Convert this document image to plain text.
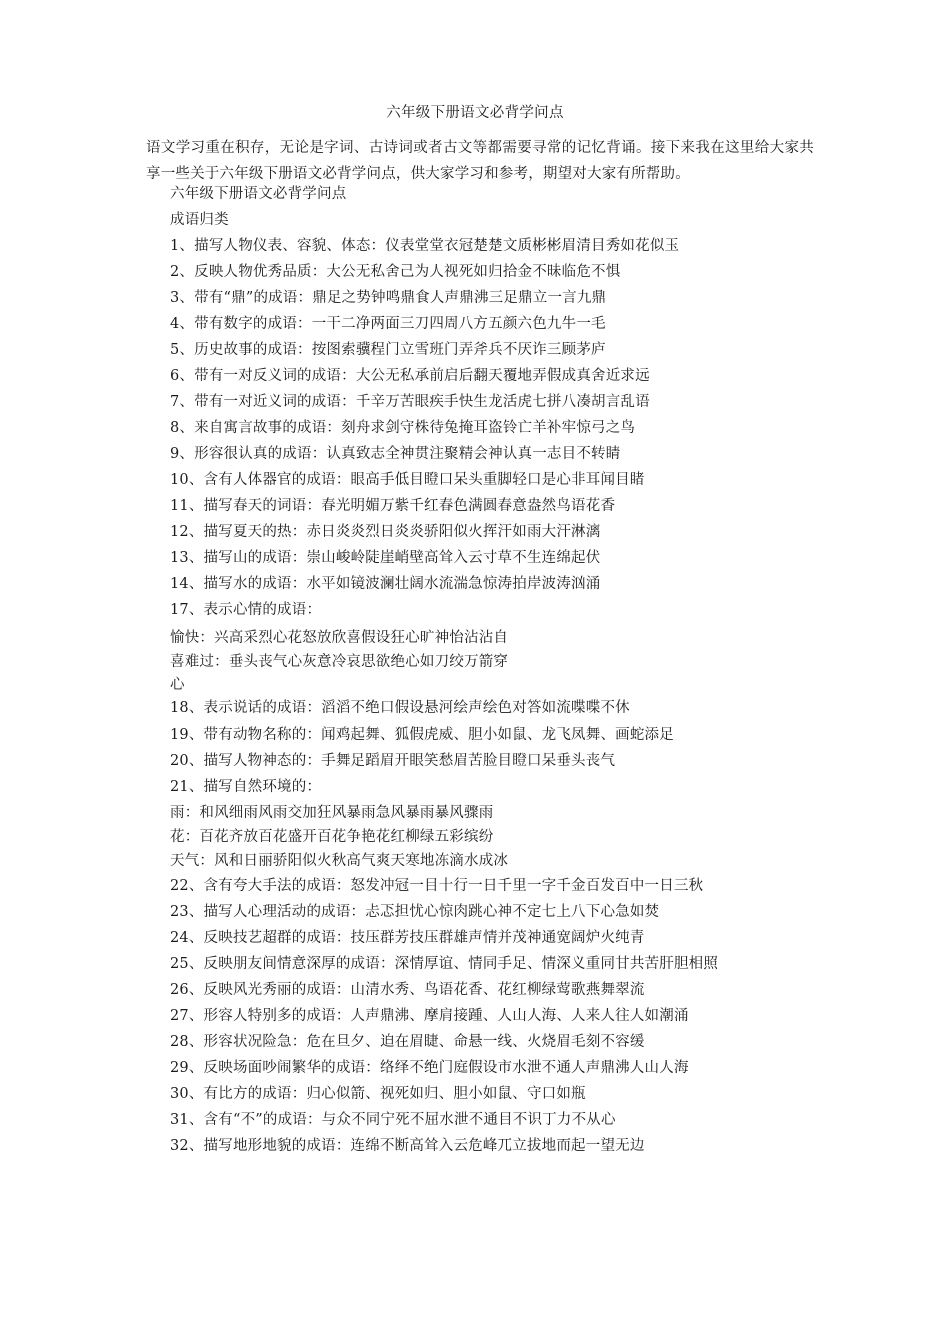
六年级下册语文必背学问点
语文学习重在积存，无论是字词、古诗词或者古文等都需要寻常的记忆背诵。接下来我在这里给大家共享一些关于六年级下册语文必背学问点，供大家学习和参考，期望对大家有所帮助。
六年级下册语文必背学问点
成语归类
1、描写人物仪表、容貌、体态：仪表堂堂衣冠楚楚文质彬彬眉清目秀如花似玉
2、反映人物优秀品质：大公无私舍己为人视死如归拾金不昧临危不惧
3、带有“鼎”的成语：鼎足之势钟鸣鼎食人声鼎沸三足鼎立一言九鼎
4、带有数字的成语：一干二净两面三刀四周八方五颜六色九牛一毛
5、历史故事的成语：按图索骥程门立雪班门弄斧兵不厌诈三顾茅庐
6、带有一对反义词的成语：大公无私承前启后翻天覆地弄假成真舍近求远
7、带有一对近义词的成语：千辛万苦眼疾手快生龙活虎七拼八凑胡言乱语
8、来自寓言故事的成语：刻舟求剑守株待兔掩耳盗铃亡羊补牢惊弓之鸟
9、形容很认真的成语：认真致志全神贯注聚精会神认真一志目不转睛
10、含有人体器官的成语：眼高手低目瞪口呆头重脚轻口是心非耳闻目睹
11、描写春天的词语：春光明媚万紫千红春色满圆春意盎然鸟语花香
12、描写夏天的热：赤日炎炎烈日炎炎骄阳似火挥汗如雨大汗淋漓
13、描写山的成语：崇山峻岭陡崖峭壁高耸入云寸草不生连绵起伏
14、描写水的成语：水平如镜波澜壮阔水流湍急惊涛拍岸波涛汹涌
17、表示心情的成语：
愉快：兴高采烈心花怒放欣喜假设狂心旷神怡沾沾自
喜难过：垂头丧气心灰意冷哀思欲绝心如刀绞万箭穿
心
18、表示说话的成语：滔滔不绝口假设悬河绘声绘色对答如流喋喋不休
19、带有动物名称的：闻鸡起舞、狐假虎威、胆小如鼠、龙飞凤舞、画蛇添足
20、描写人物神态的：手舞足蹈眉开眼笑愁眉苦脸目瞪口呆垂头丧气
21、描写自然环境的：
雨：和风细雨风雨交加狂风暴雨急风暴雨暴风骤雨
花：百花齐放百花盛开百花争艳花红柳绿五彩缤纷
天气：风和日丽骄阳似火秋高气爽天寒地冻滴水成冰
22、含有夸大手法的成语：怒发冲冠一目十行一日千里一字千金百发百中一日三秋
23、描写人心理活动的成语：忐忑担忧心惊肉跳心神不定七上八下心急如焚
24、反映技艺超群的成语：技压群芳技压群雄声情并茂神通宽阔炉火纯青
25、反映朋友间情意深厚的成语：深情厚谊、情同手足、情深义重同甘共苦肝胆相照
26、反映风光秀丽的成语：山清水秀、鸟语花香、花红柳绿莺歌燕舞翠流
27、形容人特别多的成语：人声鼎沸、摩肩接踵、人山人海、人来人往人如潮涌
28、形容状况险急：危在旦夕、迫在眉睫、命悬一线、火烧眉毛刻不容缓
29、反映场面吵闹繁华的成语：络绎不绝门庭假设市水泄不通人声鼎沸人山人海
30、有比方的成语：归心似箭、视死如归、胆小如鼠、守口如瓶
31、含有“不”的成语：与众不同宁死不屈水泄不通目不识丁力不从心
32、描写地形地貌的成语：连绵不断高耸入云危峰兀立拔地而起一望无边
